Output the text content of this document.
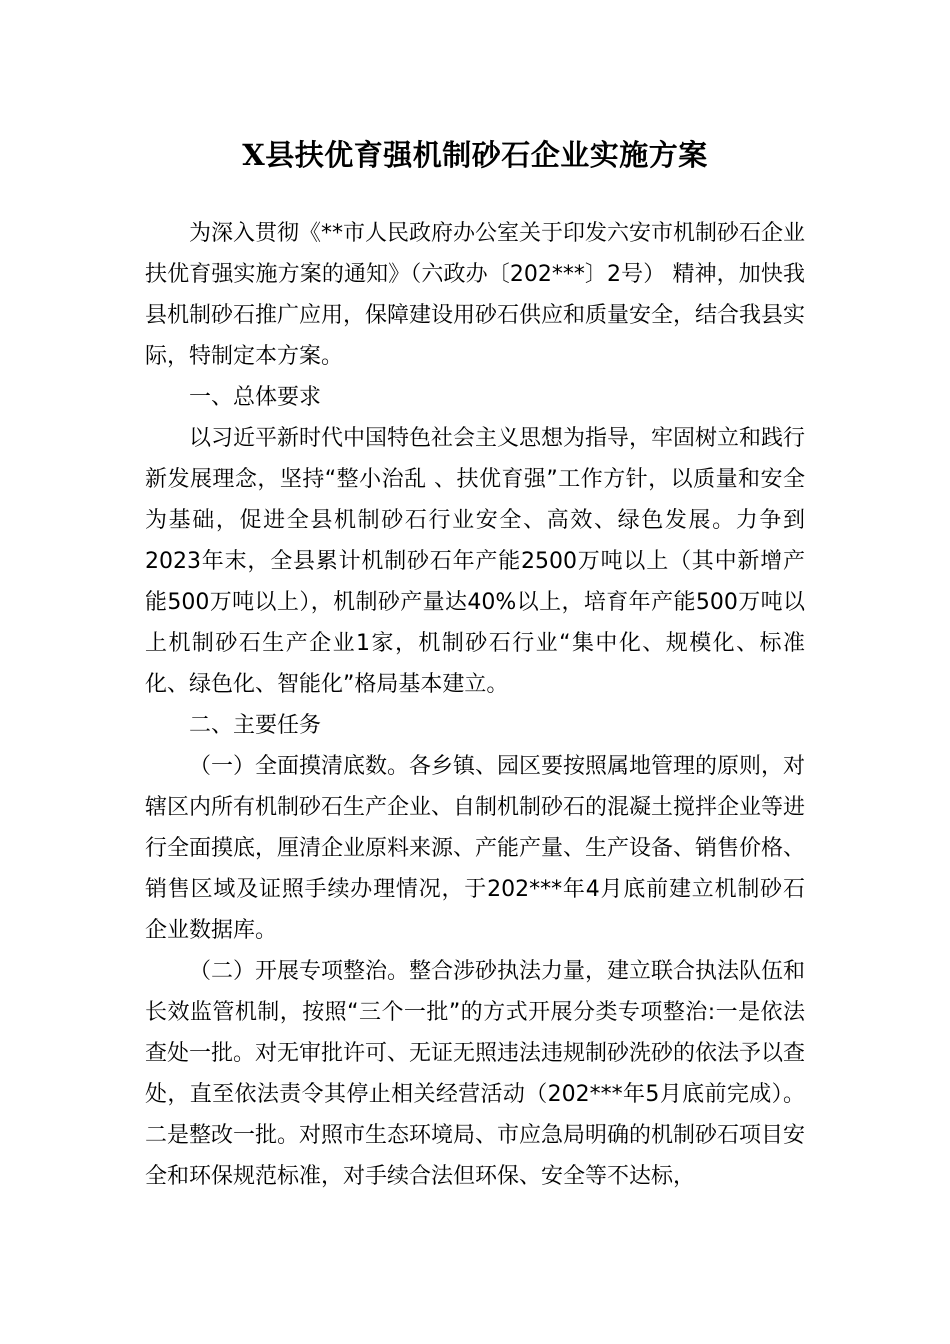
X县扶优育强机制砂石企业实施方案

为深入贯彻《**市人民政府办公室关于印发六安市机制砂石企业扶优育强实施方案的通知》（六政办〔202***〕2号） 精神，加快我县机制砂石推广应用，保障建设用砂石供应和质量安全，结合我县实际，特制定本方案。

一、总体要求

以习近平新时代中国特色社会主义思想为指导，牢固树立和践行新发展理念，坚持“整小治乱 、扶优育强”工作方针，以质量和安全为基础，促进全县机制砂石行业安全、高效、绿色发展。力争到2023年末，全县累计机制砂石年产能2500万吨以上（其中新增产能500万吨以上），机制砂产量达40%以上，培育年产能500万吨以上机制砂石生产企业1家，机制砂石行业“集中化、规模化、标准化、绿色化、智能化”格局基本建立。

二、主要任务

（一）全面摸清底数。各乡镇、园区要按照属地管理的原则，对辖区内所有机制砂石生产企业、自制机制砂石的混凝土搅拌企业等进行全面摸底，厘清企业原料来源、产能产量、生产设备、销售价格、销售区域及证照手续办理情况，于202***年4月底前建立机制砂石企业数据库。

（二）开展专项整治。整合涉砂执法力量，建立联合执法队伍和长效监管机制，按照“三个一批”的方式开展分类专项整治:一是依法查处一批。对无审批许可、无证无照违法违规制砂洗砂的依法予以查处，直至依法责令其停止相关经营活动（202***年5月底前完成）。二是整改一批。对照市生态环境局、市应急局明确的机制砂石项目安全和环保规范标准，对手续合法但环保、安全等不达标，
